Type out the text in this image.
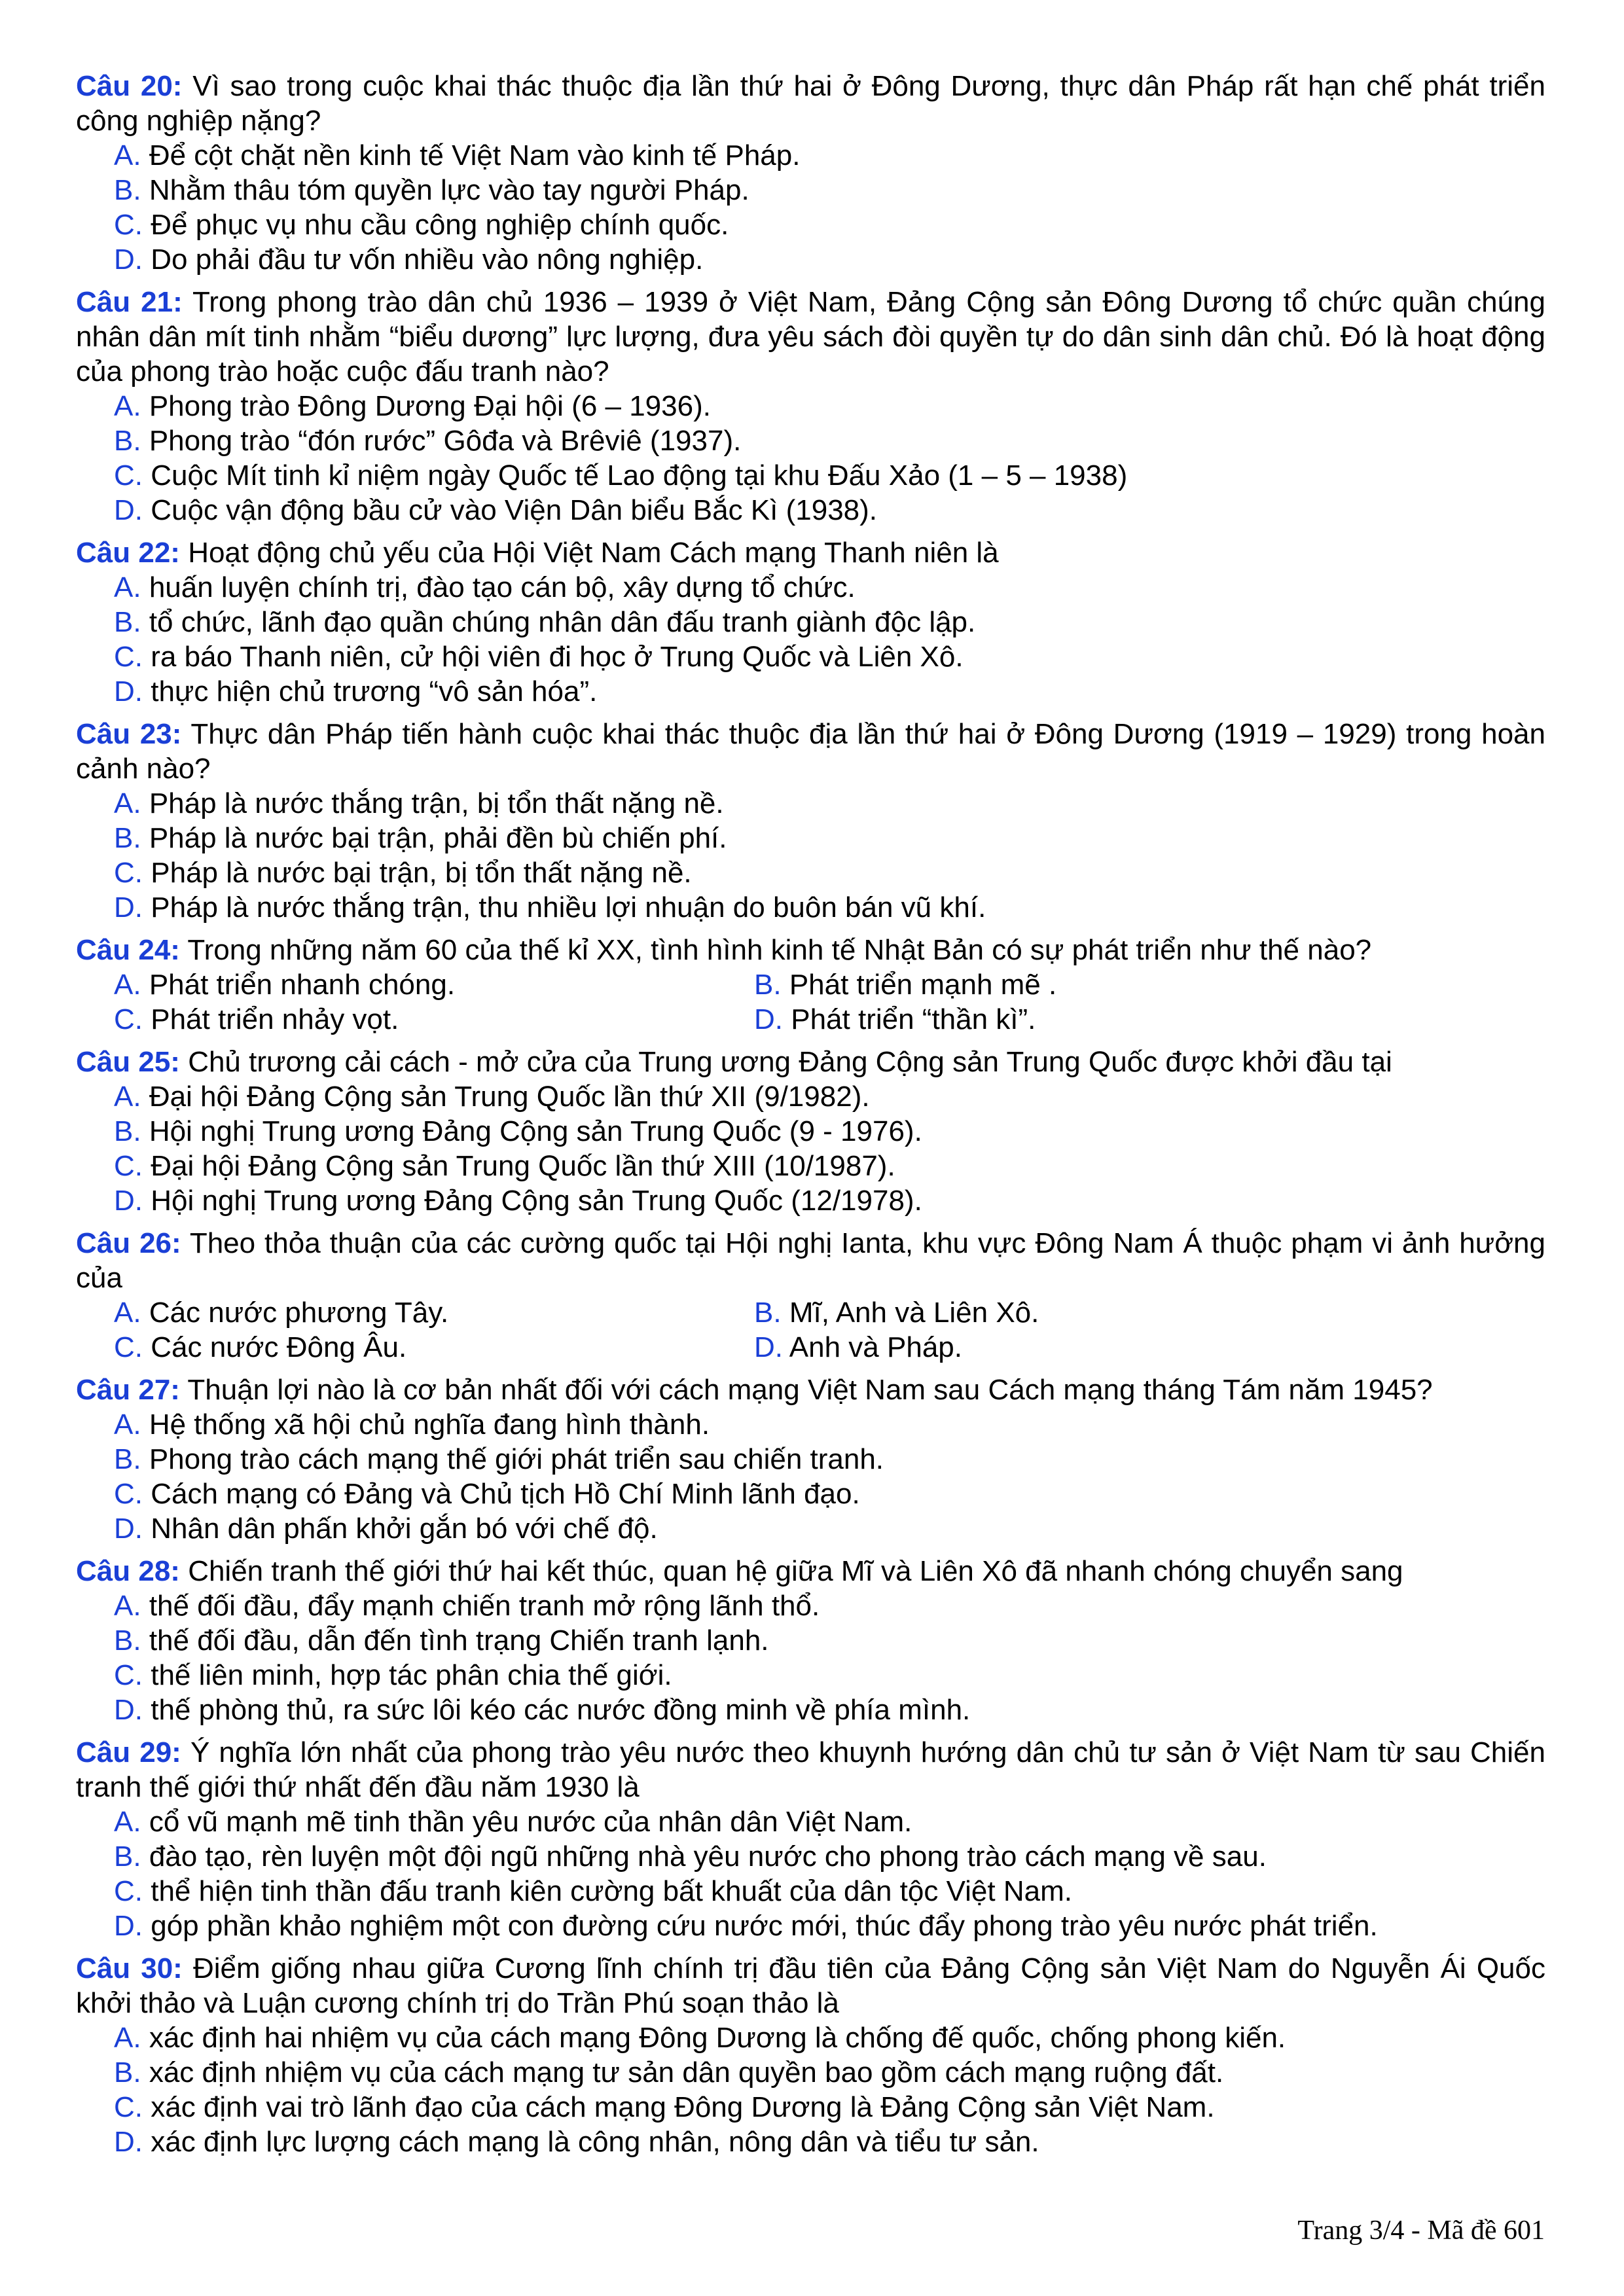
Câu 20: Vì sao trong cuộc khai thác thuộc địa lần thứ hai ở Đông Dương, thực dân Pháp rất hạn chế phát triển công nghiệp nặng?
A. Để cột chặt nền kinh tế Việt Nam vào kinh tế Pháp.
B. Nhằm thâu tóm quyền lực vào tay người Pháp.
C. Để phục vụ nhu cầu công nghiệp chính quốc.
D. Do phải đầu tư vốn nhiều vào nông nghiệp.
Câu 21: Trong phong trào dân chủ 1936 – 1939 ở Việt Nam, Đảng Cộng sản Đông Dương tổ chức quần chúng nhân dân mít tinh nhằm “biểu dương” lực lượng, đưa yêu sách đòi quyền tự do dân sinh dân chủ. Đó là hoạt động của phong trào hoặc cuộc đấu tranh nào?
A. Phong trào Đông Dương Đại hội (6 – 1936).
B. Phong trào “đón rước” Gôđa và Brêviê (1937).
C. Cuộc Mít tinh kỉ niệm ngày Quốc tế Lao động tại khu Đấu Xảo (1 – 5 – 1938)
D. Cuộc vận động bầu cử vào Viện Dân biểu Bắc Kì (1938).
Câu 22: Hoạt động chủ yếu của Hội Việt Nam Cách mạng Thanh niên là
A. huấn luyện chính trị, đào tạo cán bộ, xây dựng tổ chức.
B. tổ chức, lãnh đạo quần chúng nhân dân đấu tranh giành độc lập.
C. ra báo Thanh niên, cử hội viên đi học ở Trung Quốc và Liên Xô.
D. thực hiện chủ trương “vô sản hóa”.
Câu 23: Thực dân Pháp tiến hành cuộc khai thác thuộc địa lần thứ hai ở Đông Dương (1919 – 1929) trong hoàn cảnh nào?
A. Pháp là nước thắng trận, bị tổn thất nặng nề.
B. Pháp là nước bại trận, phải đền bù chiến phí.
C. Pháp là nước bại trận, bị tổn thất nặng nề.
D. Pháp là nước thắng trận, thu nhiều lợi nhuận do buôn bán vũ khí.
Câu 24: Trong những năm 60 của thế kỉ XX, tình hình kinh tế Nhật Bản có sự phát triển như thế nào?
A. Phát triển nhanh chóng.	B. Phát triển mạnh mẽ .
C. Phát triển nhảy vọt.	D. Phát triển “thần kì”.
Câu 25: Chủ trương cải cách - mở cửa của Trung ương Đảng Cộng sản Trung Quốc được khởi đầu tại
A. Đại hội Đảng Cộng sản Trung Quốc lần thứ XII (9/1982).
B. Hội nghị Trung ương Đảng Cộng sản Trung Quốc (9 - 1976).
C. Đại hội Đảng Cộng sản Trung Quốc lần thứ XIII (10/1987).
D. Hội nghị Trung ương Đảng Cộng sản Trung Quốc (12/1978).
Câu 26: Theo thỏa thuận của các cường quốc tại Hội nghị Ianta, khu vực Đông Nam Á thuộc phạm vi ảnh hưởng của
A. Các nước phương Tây.	B. Mĩ, Anh và Liên Xô.
C. Các nước Đông Âu.	D. Anh và Pháp.
Câu 27: Thuận lợi nào là cơ bản nhất đối với cách mạng Việt Nam sau Cách mạng tháng Tám năm 1945?
A. Hệ thống xã hội chủ nghĩa đang hình thành.
B. Phong trào cách mạng thế giới phát triển sau chiến tranh.
C. Cách mạng có Đảng và Chủ tịch Hồ Chí Minh lãnh đạo.
D. Nhân dân phấn khởi gắn bó với chế độ.
Câu 28: Chiến tranh thế giới thứ hai kết thúc, quan hệ giữa Mĩ và Liên Xô đã nhanh chóng chuyển sang
A. thế đối đầu, đẩy mạnh chiến tranh mở rộng lãnh thổ.
B. thế đối đầu, dẫn đến tình trạng Chiến tranh lạnh.
C. thế liên minh, hợp tác phân chia thế giới.
D. thế phòng thủ, ra sức lôi kéo các nước đồng minh về phía mình.
Câu 29: Ý nghĩa lớn nhất của phong trào yêu nước theo khuynh hướng dân chủ tư sản ở Việt Nam từ sau Chiến tranh thế giới thứ nhất đến đầu năm 1930 là
A. cổ vũ mạnh mẽ tinh thần yêu nước của nhân dân Việt Nam.
B. đào tạo, rèn luyện một đội ngũ những nhà yêu nước cho phong trào cách mạng về sau.
C. thể hiện tinh thần đấu tranh kiên cường bất khuất của dân tộc Việt Nam.
D. góp phần khảo nghiệm một con đường cứu nước mới, thúc đẩy phong trào yêu nước phát triển.
Câu 30: Điểm giống nhau giữa Cương lĩnh chính trị đầu tiên của Đảng Cộng sản Việt Nam do Nguyễn Ái Quốc khởi thảo và Luận cương chính trị do Trần Phú soạn thảo là
A. xác định hai nhiệm vụ của cách mạng Đông Dương là chống đế quốc, chống phong kiến.
B. xác định nhiệm vụ của cách mạng tư sản dân quyền bao gồm cách mạng ruộng đất.
C. xác định vai trò lãnh đạo của cách mạng Đông Dương là Đảng Cộng sản Việt Nam.
D. xác định lực lượng cách mạng là công nhân, nông dân và tiểu tư sản.
Trang 3/4 - Mã đề 601
